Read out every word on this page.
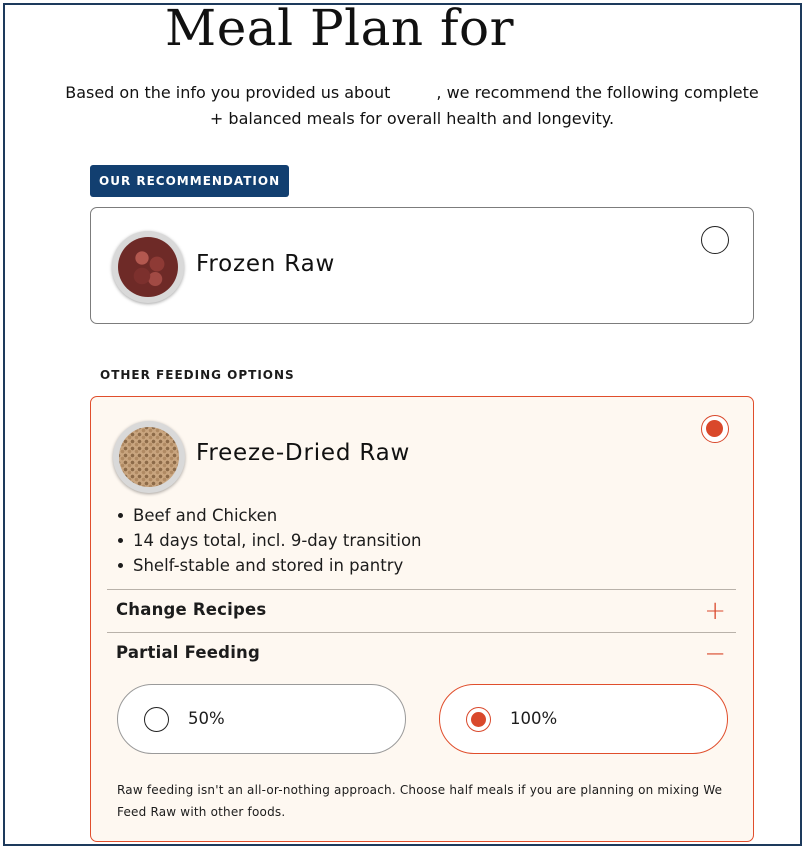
Meal Plan for

Based on the info you provided us about	, we recommend the following complete + balanced meals for overall health and longevity.

OUR RECOMMENDATION
Frozen Raw
OTHER FEEDING OPTIONS
Freeze-Dried Raw
Beef and Chicken
14 days total, incl. 9-day transition
Shelf-stable and stored in pantry
Change Recipes	+
Partial Feeding	−
50%	100%

Raw feeding isn't an all-or-nothing approach. Choose half meals if you are planning on mixing We Feed Raw with other foods.
